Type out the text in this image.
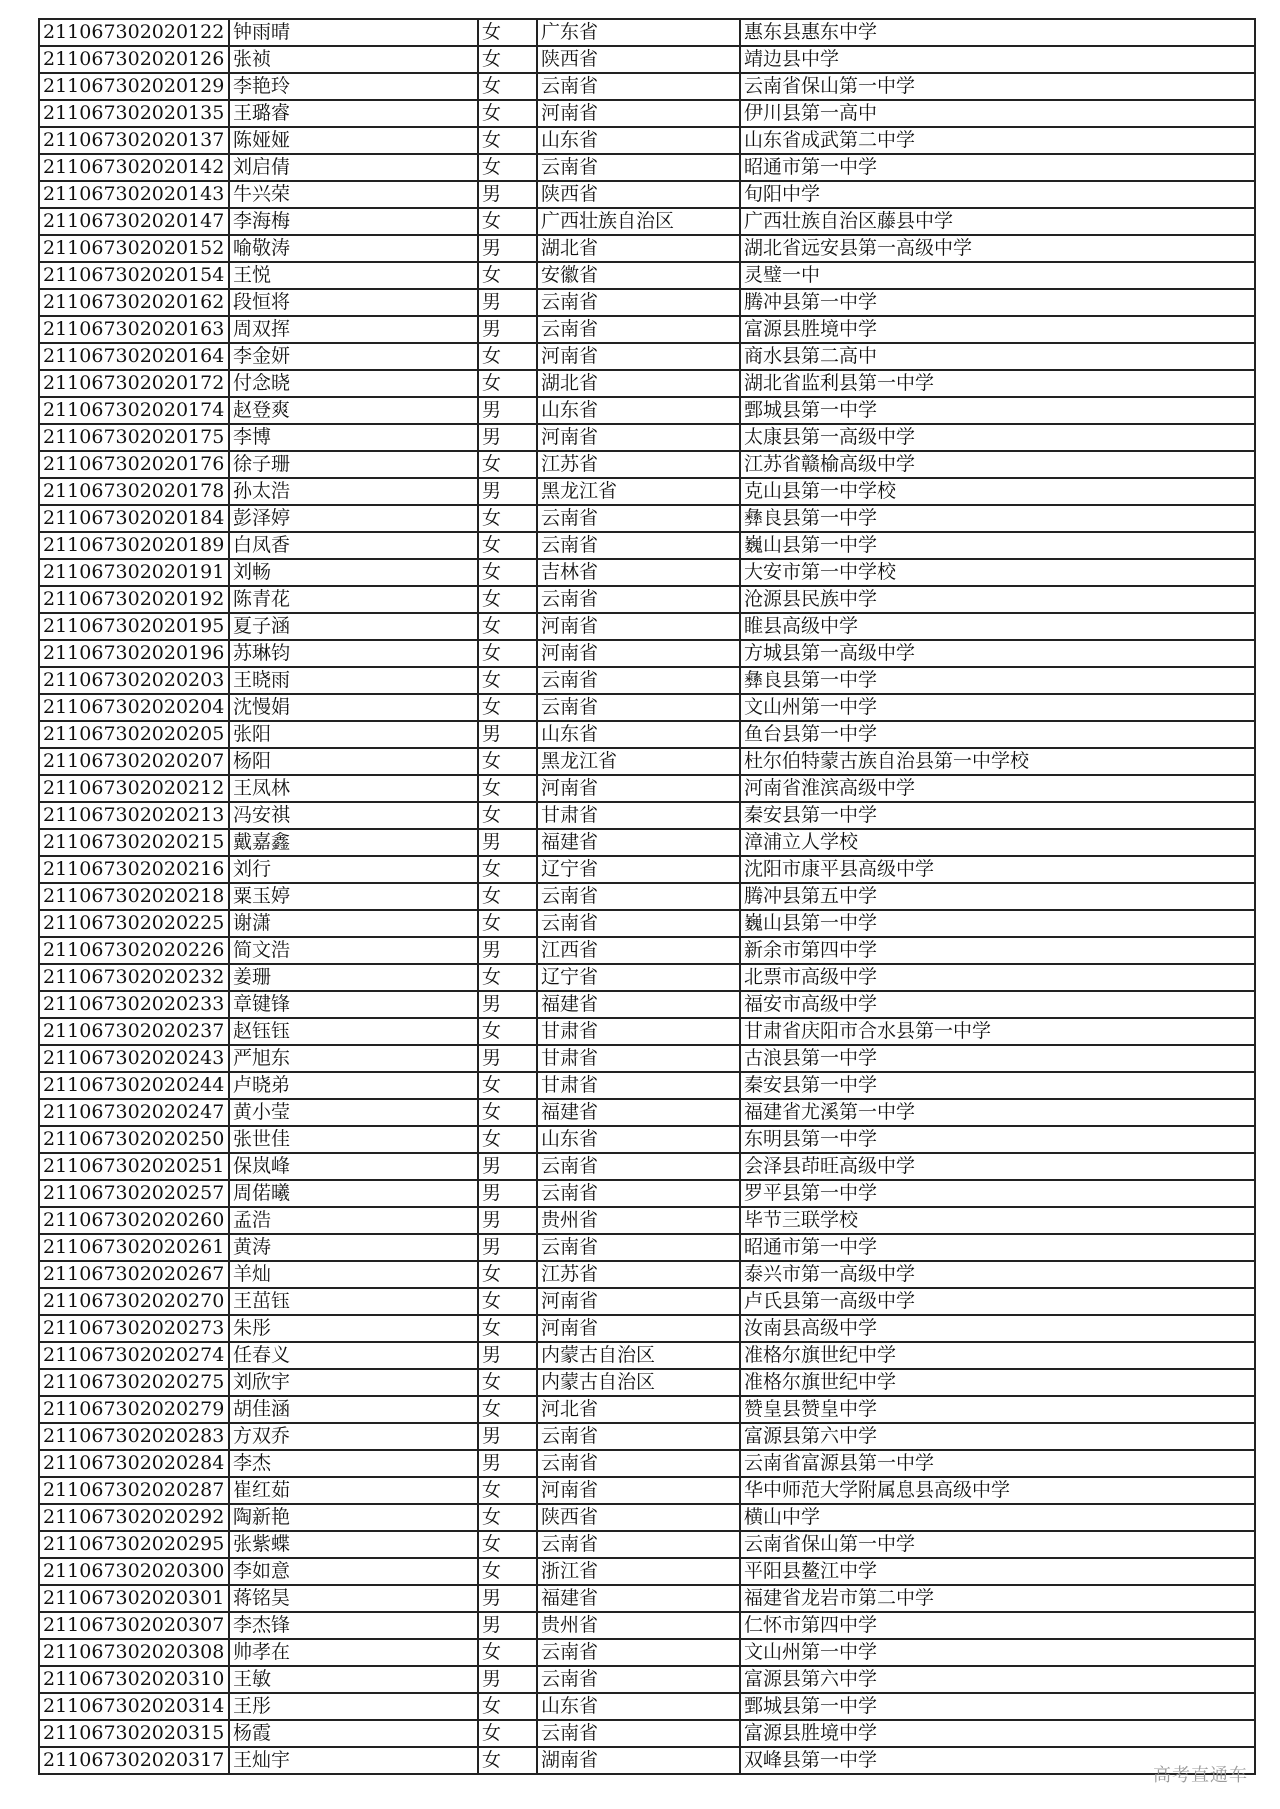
211067302020122	钟雨晴	女	广东省	惠东县惠东中学
211067302020126	张祯	女	陕西省	靖边县中学
211067302020129	李艳玲	女	云南省	云南省保山第一中学
211067302020135	王璐睿	女	河南省	伊川县第一高中
211067302020137	陈娅娅	女	山东省	山东省成武第二中学
211067302020142	刘启倩	女	云南省	昭通市第一中学
211067302020143	牛兴荣	男	陕西省	旬阳中学
211067302020147	李海梅	女	广西壮族自治区	广西壮族自治区藤县中学
211067302020152	喻敬涛	男	湖北省	湖北省远安县第一高级中学
211067302020154	王悦	女	安徽省	灵璧一中
211067302020162	段恒将	男	云南省	腾冲县第一中学
211067302020163	周双挥	男	云南省	富源县胜境中学
211067302020164	李金妍	女	河南省	商水县第二高中
211067302020172	付念晓	女	湖北省	湖北省监利县第一中学
211067302020174	赵登爽	男	山东省	鄄城县第一中学
211067302020175	李博	男	河南省	太康县第一高级中学
211067302020176	徐子珊	女	江苏省	江苏省赣榆高级中学
211067302020178	孙太浩	男	黑龙江省	克山县第一中学校
211067302020184	彭泽婷	女	云南省	彝良县第一中学
211067302020189	白凤香	女	云南省	巍山县第一中学
211067302020191	刘畅	女	吉林省	大安市第一中学校
211067302020192	陈青花	女	云南省	沧源县民族中学
211067302020195	夏子涵	女	河南省	睢县高级中学
211067302020196	苏琳钧	女	河南省	方城县第一高级中学
211067302020203	王晓雨	女	云南省	彝良县第一中学
211067302020204	沈慢娟	女	云南省	文山州第一中学
211067302020205	张阳	男	山东省	鱼台县第一中学
211067302020207	杨阳	女	黑龙江省	杜尔伯特蒙古族自治县第一中学校
211067302020212	王凤林	女	河南省	河南省淮滨高级中学
211067302020213	冯安祺	女	甘肃省	秦安县第一中学
211067302020215	戴嘉鑫	男	福建省	漳浦立人学校
211067302020216	刘行	女	辽宁省	沈阳市康平县高级中学
211067302020218	粟玉婷	女	云南省	腾冲县第五中学
211067302020225	谢潇	女	云南省	巍山县第一中学
211067302020226	简文浩	男	江西省	新余市第四中学
211067302020232	姜珊	女	辽宁省	北票市高级中学
211067302020233	章键锋	男	福建省	福安市高级中学
211067302020237	赵钰钰	女	甘肃省	甘肃省庆阳市合水县第一中学
211067302020243	严旭东	男	甘肃省	古浪县第一中学
211067302020244	卢晓弟	女	甘肃省	秦安县第一中学
211067302020247	黄小莹	女	福建省	福建省尤溪第一中学
211067302020250	张世佳	女	山东省	东明县第一中学
211067302020251	保岚峰	男	云南省	会泽县茚旺高级中学
211067302020257	周偌曦	男	云南省	罗平县第一中学
211067302020260	孟浩	男	贵州省	毕节三联学校
211067302020261	黄涛	男	云南省	昭通市第一中学
211067302020267	羊灿	女	江苏省	泰兴市第一高级中学
211067302020270	王茁钰	女	河南省	卢氏县第一高级中学
211067302020273	朱彤	女	河南省	汝南县高级中学
211067302020274	任春义	男	内蒙古自治区	准格尔旗世纪中学
211067302020275	刘欣宇	女	内蒙古自治区	准格尔旗世纪中学
211067302020279	胡佳涵	女	河北省	赞皇县赞皇中学
211067302020283	方双乔	男	云南省	富源县第六中学
211067302020284	李杰	男	云南省	云南省富源县第一中学
211067302020287	崔红茹	女	河南省	华中师范大学附属息县高级中学
211067302020292	陶新艳	女	陕西省	横山中学
211067302020295	张紫蝶	女	云南省	云南省保山第一中学
211067302020300	李如意	女	浙江省	平阳县鳌江中学
211067302020301	蒋铭昊	男	福建省	福建省龙岩市第二中学
211067302020307	李杰锋	男	贵州省	仁怀市第四中学
211067302020308	帅孝在	女	云南省	文山州第一中学
211067302020310	王敏	男	云南省	富源县第六中学
211067302020314	王彤	女	山东省	鄄城县第一中学
211067302020315	杨霞	女	云南省	富源县胜境中学
211067302020317	王灿宇	女	湖南省	双峰县第一中学
高考直通车
